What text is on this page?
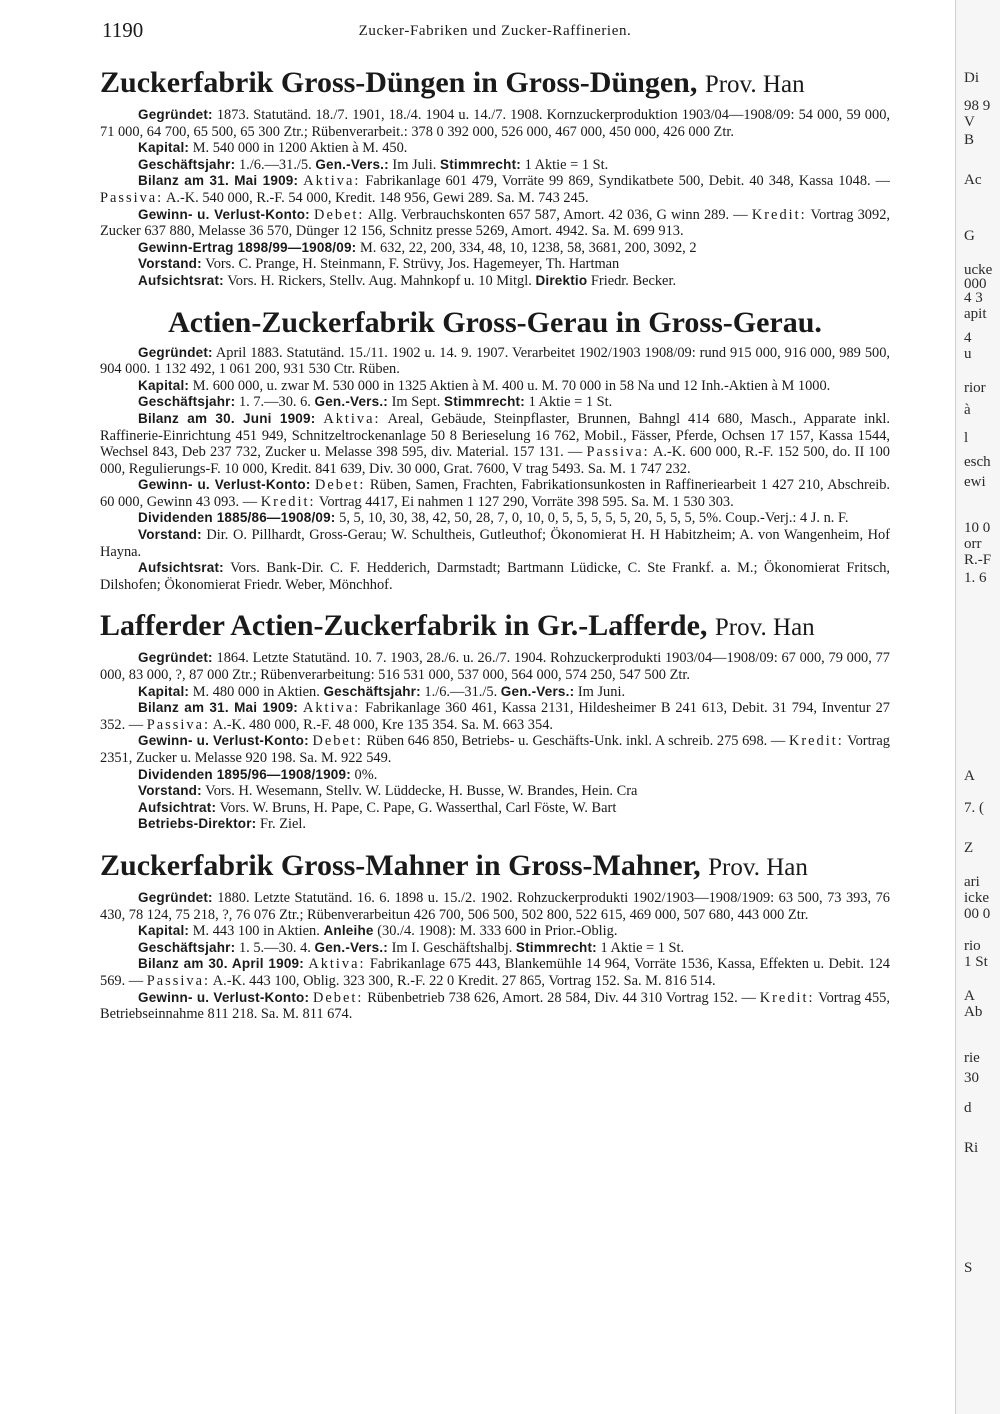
Di
98 9
V
B
Ac
G
ucke
000
4 3
apit
4
u
rior
à
l
esch
ewi
10 0
orr
R.-F
1. 6
A
7. (
Z
ari
icke
00 0
rio
1 St
A
Ab
rie
30
d
Ri
S
1190	Zucker-Fabriken und Zucker-Raffinerien.
Zuckerfabrik Gross-Düngen in Gross-Düngen, Prov. Han

Gegründet: 1873. Statutänd. 18./7. 1901, 18./4. 1904 u. 14./7. 1908. Kornzuckerproduktion 1903/04—1908/09: 54 000, 59 000, 71 000, 64 700, 65 500, 65 300 Ztr.; Rübenverarbeit.: 378 0 392 000, 526 000, 467 000, 450 000, 426 000 Ztr.

Kapital: M. 540 000 in 1200 Aktien à M. 450.

Geschäftsjahr: 1./6.—31./5. Gen.-Vers.: Im Juli. Stimmrecht: 1 Aktie = 1 St.

Bilanz am 31. Mai 1909: Aktiva: Fabrikanlage 601 479, Vorräte 99 869, Syndikatbete 500, Debit. 40 348, Kassa 1048. — Passiva: A.-K. 540 000, R.-F. 54 000, Kredit. 148 956, Gewi 289. Sa. M. 743 245.

Gewinn- u. Verlust-Konto: Debet: Allg. Verbrauchskonten 657 587, Amort. 42 036, G winn 289. — Kredit: Vortrag 3092, Zucker 637 880, Melasse 36 570, Dünger 12 156, Schnitz presse 5269, Amort. 4942. Sa. M. 699 913.

Gewinn-Ertrag 1898/99—1908/09: M. 632, 22, 200, 334, 48, 10, 1238, 58, 3681, 200, 3092, 2

Vorstand: Vors. C. Prange, H. Steinmann, F. Strüvy, Jos. Hagemeyer, Th. Hartman

Aufsichtsrat: Vors. H. Rickers, Stellv. Aug. Mahnkopf u. 10 Mitgl. Direktio Friedr. Becker.

Actien-Zuckerfabrik Gross-Gerau in Gross-Gerau.

Gegründet: April 1883. Statutänd. 15./11. 1902 u. 14. 9. 1907. Verarbeitet 1902/1903 1908/09: rund 915 000, 916 000, 989 500, 904 000. 1 132 492, 1 061 200, 931 530 Ctr. Rüben.

Kapital: M. 600 000, u. zwar M. 530 000 in 1325 Aktien à M. 400 u. M. 70 000 in 58 Na und 12 Inh.-Aktien à M 1000.

Geschäftsjahr: 1. 7.—30. 6. Gen.-Vers.: Im Sept. Stimmrecht: 1 Aktie = 1 St.

Bilanz am 30. Juni 1909: Aktiva: Areal, Gebäude, Steinpflaster, Brunnen, Bahngl 414 680, Masch., Apparate inkl. Raffinerie-Einrichtung 451 949, Schnitzeltrockenanlage 50 8 Berieselung 16 762, Mobil., Fässer, Pferde, Ochsen 17 157, Kassa 1544, Wechsel 843, Deb 237 732, Zucker u. Melasse 398 595, div. Material. 157 131. — Passiva: A.-K. 600 000, R.-F. 152 500, do. II 100 000, Regulierungs-F. 10 000, Kredit. 841 639, Div. 30 000, Grat. 7600, V trag 5493. Sa. M. 1 747 232.

Gewinn- u. Verlust-Konto: Debet: Rüben, Samen, Frachten, Fabrikationsunkosten in Raffineriearbeit 1 427 210, Abschreib. 60 000, Gewinn 43 093. — Kredit: Vortrag 4417, Ei nahmen 1 127 290, Vorräte 398 595. Sa. M. 1 530 303.

Dividenden 1885/86—1908/09: 5, 5, 10, 30, 38, 42, 50, 28, 7, 0, 10, 0, 5, 5, 5, 5, 5, 20, 5, 5, 5, 5%. Coup.-Verj.: 4 J. n. F.

Vorstand: Dir. O. Pillhardt, Gross-Gerau; W. Schultheis, Gutleuthof; Ökonomierat H. H Habitzheim; A. von Wangenheim, Hof Hayna.

Aufsichtsrat: Vors. Bank-Dir. C. F. Hedderich, Darmstadt; Bartmann Lüdicke, C. Ste Frankf. a. M.; Ökonomierat Fritsch, Dilshofen; Ökonomierat Friedr. Weber, Mönchhof.

Lafferder Actien-Zuckerfabrik in Gr.-Lafferde, Prov. Han

Gegründet: 1864. Letzte Statutänd. 10. 7. 1903, 28./6. u. 26./7. 1904. Rohzuckerprodukti 1903/04—1908/09: 67 000, 79 000, 77 000, 83 000, ?, 87 000 Ztr.; Rübenverarbeitung: 516 531 000, 537 000, 564 000, 574 250, 547 500 Ztr.

Kapital: M. 480 000 in Aktien. Geschäftsjahr: 1./6.—31./5. Gen.-Vers.: Im Juni.

Bilanz am 31. Mai 1909: Aktiva: Fabrikanlage 360 461, Kassa 2131, Hildesheimer B 241 613, Debit. 31 794, Inventur 27 352. — Passiva: A.-K. 480 000, R.-F. 48 000, Kre 135 354. Sa. M. 663 354.

Gewinn- u. Verlust-Konto: Debet: Rüben 646 850, Betriebs- u. Geschäfts-Unk. inkl. A schreib. 275 698. — Kredit: Vortrag 2351, Zucker u. Melasse 920 198. Sa. M. 922 549.

Dividenden 1895/96—1908/1909: 0%.

Vorstand: Vors. H. Wesemann, Stellv. W. Lüddecke, H. Busse, W. Brandes, Hein. Cra

Aufsichtrat: Vors. W. Bruns, H. Pape, C. Pape, G. Wasserthal, Carl Föste, W. Bart

Betriebs-Direktor: Fr. Ziel.

Zuckerfabrik Gross-Mahner in Gross-Mahner, Prov. Han

Gegründet: 1880. Letzte Statutänd. 16. 6. 1898 u. 15./2. 1902. Rohzuckerprodukti 1902/1903—1908/1909: 63 500, 73 393, 76 430, 78 124, 75 218, ?, 76 076 Ztr.; Rübenverarbeitun 426 700, 506 500, 502 800, 522 615, 469 000, 507 680, 443 000 Ztr.

Kapital: M. 443 100 in Aktien. Anleihe (30./4. 1908): M. 333 600 in Prior.-Oblig.

Geschäftsjahr: 1. 5.—30. 4. Gen.-Vers.: Im I. Geschäftshalbj. Stimmrecht: 1 Aktie = 1 St.

Bilanz am 30. April 1909: Aktiva: Fabrikanlage 675 443, Blankemühle 14 964, Vorräte 1536, Kassa, Effekten u. Debit. 124 569. — Passiva: A.-K. 443 100, Oblig. 323 300, R.-F. 22 0 Kredit. 27 865, Vortrag 152. Sa. M. 816 514.

Gewinn- u. Verlust-Konto: Debet: Rübenbetrieb 738 626, Amort. 28 584, Div. 44 310 Vortrag 152. — Kredit: Vortrag 455, Betriebseinnahme 811 218. Sa. M. 811 674.
